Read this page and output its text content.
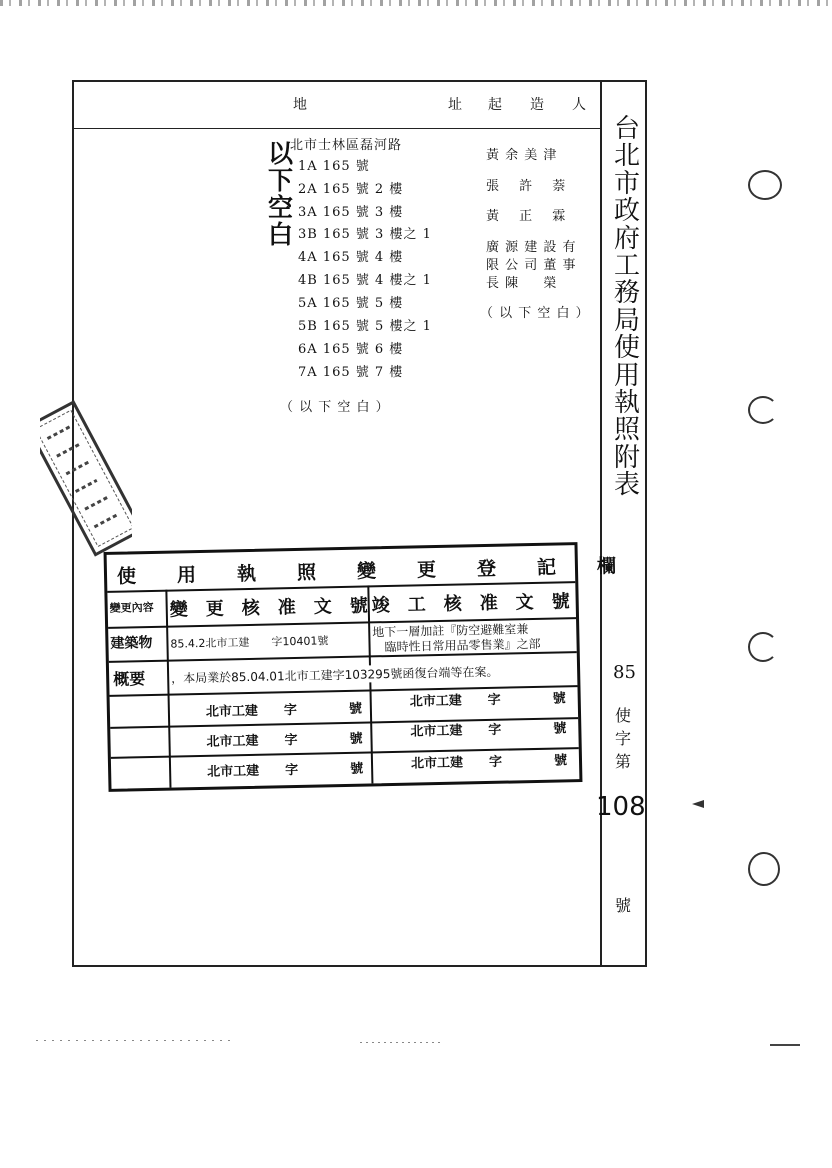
地	址 起 造 人
以
下
空
白
北市士林區磊河路
1A 165 號
2A 165 號 2 樓
3A 165 號 3 樓
3B 165 號 3 樓之 1
4A 165 號 4 樓
4B 165 號 4 樓之 1
5A 165 號 5 樓
5B 165 號 5 樓之 1
6A 165 號 6 樓
7A 165 號 7 樓
（ 以 下 空 白 ）
黃 余 美 津
張 　許 　萘
黃 　正 　霖
廣 源 建 設 有
限 公 司 董 事
長 陳 　 榮
（ 以 下 空 白 ）
台
北
市
政
府
工
務
局
使
用
執
照
附
表
85
使
字
第
108
號
使　　用　　執　　照　　變　　更　　登　　記　　欄
變更內容 變　更　核　准　文　號 竣　工　核　准　文　號
建築物
概要
85.4.2北市工建　　字10401號
地下一層加註『防空避難室兼
臨時性日常用品零售業』之部
，本局業於85.04.01北市工建字103295號函復台端等在案。
北市工建　　字　　　　號
北市工建　　字　　　　號
北市工建　　字　　　　號
北市工建　　字　　　　號
北市工建　　字　　　　號	北市工建　　字　　　　號
